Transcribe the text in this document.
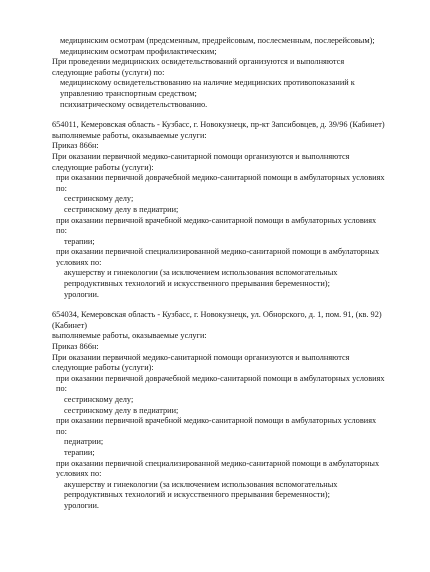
медицинским осмотрам (предсменным, предрейсовым, послесменным, послерейсовым);
медицинским осмотрам профилактическим;
При проведении медицинских освидетельствований организуются и выполняются следующие работы (услуги) по:
медицинскому освидетельствованию на наличие медицинских противопоказаний к управлению транспортным средством;
психиатрическому освидетельствованию.
654011, Кемеровская область - Кузбасс, г. Новокузнецк, пр-кт Запсибовцев, д. 39/96 (Кабинет)
выполняемые работы, оказываемые услуги:
Приказ 866н:
При оказании первичной медико-санитарной помощи организуются и выполняются следующие работы (услуги):
при оказании первичной доврачебной медико-санитарной помощи в амбулаторных условиях по:
сестринскому делу;
сестринскому делу в педиатрии;
при оказании первичной врачебной медико-санитарной помощи в амбулаторных условиях по:
терапии;
при оказании первичной специализированной медико-санитарной помощи в амбулаторных условиях по:
акушерству и гинекологии (за исключением использования вспомогательных репродуктивных технологий и искусственного прерывания беременности);
урологии.
654034, Кемеровская область - Кузбасс, г. Новокузнецк, ул. Обнорского, д. 1, пом. 91, (кв. 92) (Кабинет)
выполняемые работы, оказываемые услуги:
Приказ 866н:
При оказании первичной медико-санитарной помощи организуются и выполняются следующие работы (услуги):
при оказании первичной доврачебной медико-санитарной помощи в амбулаторных условиях по:
сестринскому делу;
сестринскому делу в педиатрии;
при оказании первичной врачебной медико-санитарной помощи в амбулаторных условиях по:
педиатрии;
терапии;
при оказании первичной специализированной медико-санитарной помощи в амбулаторных условиях по:
акушерству и гинекологии (за исключением использования вспомогательных репродуктивных технологий и искусственного прерывания беременности);
урологии.
